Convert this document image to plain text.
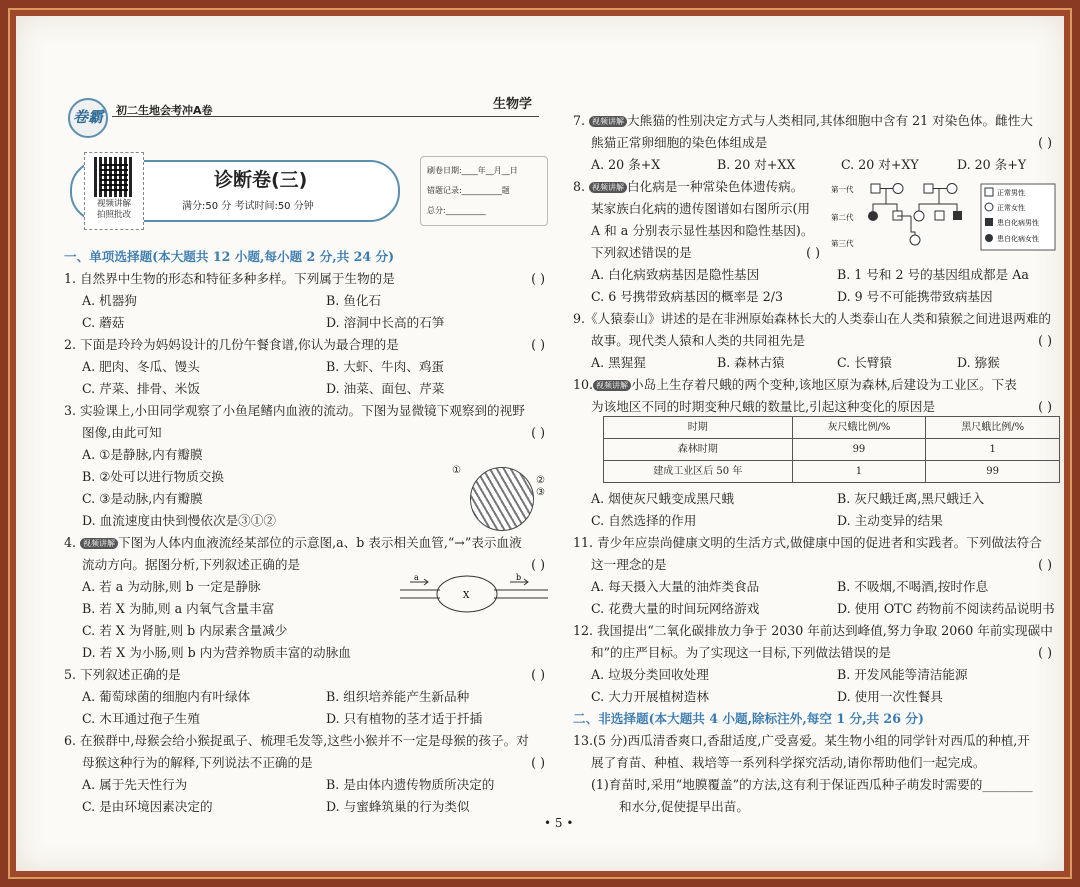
卷霸	初二生地会考冲A卷
视频讲解
拍照批改
诊断卷(三)
满分:50 分 考试时间:50 分钟
刷卷日期:____年__月__日
错题记录:__________题
总分:__________
一、单项选择题(本大题共 12 小题,每小题 2 分,共 24 分)
1. 自然界中生物的形态和特征多种多样。下列属于生物的是	( )
A. 机器狗	B. 鱼化石
C. 蘑菇	D. 溶洞中长高的石笋
2. 下面是玲玲为妈妈设计的几份午餐食谱,你认为最合理的是	( )
A. 肥肉、冬瓜、馒头	B. 大虾、牛肉、鸡蛋
C. 芹菜、排骨、米饭	D. 油菜、面包、芹菜
3. 实验课上,小田同学观察了小鱼尾鳍内血液的流动。下图为显微镜下观察到的视野
图像,由此可知	( )
A. ①是静脉,内有瓣膜
B. ②处可以进行物质交换
C. ③是动脉,内有瓣膜
D. 血流速度由快到慢依次是③①②
①
②
③
4. 视频讲解 下图为人体内血液流经某部位的示意图,a、b 表示相关血管,“→”表示血液
流动方向。据图分析,下列叙述正确的是	( )
A. 若 a 为动脉,则 b 一定是静脉
B. 若 X 为肺,则 a 内氧气含量丰富
C. 若 X 为肾脏,则 b 内尿素含量减少
D. 若 X 为小肠,则 b 内为营养物质丰富的动脉血
a	b
X
5. 下列叙述正确的是	( )
A. 葡萄球菌的细胞内有叶绿体	B. 组织培养能产生新品种
C. 木耳通过孢子生殖	D. 只有植物的茎才适于扦插
6. 在猴群中,母猴会给小猴捉虱子、梳理毛发等,这些小猴并不一定是母猴的孩子。对
母猴这种行为的解释,下列说法不正确的是	( )
A. 属于先天性行为	B. 是由体内遗传物质所决定的
C. 是由环境因素决定的	D. 与蜜蜂筑巢的行为类似
生物学
7. 视频讲解 大熊猫的性别决定方式与人类相同,其体细胞中含有 21 对染色体。雌性大
熊猫正常卵细胞的染色体组成是	( )
A. 20 条+X	B. 20 对+XX	C. 20 对+XY	D. 20 条+Y
8. 视频讲解 白化病是一种常染色体遗传病。
某家族白化病的遗传图谱如右图所示(用
A 和 a 分别表示显性基因和隐性基因)。
下列叙述错误的是	( )
第一代
第二代
第三代
正常男性
正常女性
患白化病男性
患白化病女性
A. 白化病致病基因是隐性基因	B. 1 号和 2 号的基因组成都是 Aa
C. 6 号携带致病基因的概率是 2/3	D. 9 号不可能携带致病基因
9.《人猿泰山》讲述的是在非洲原始森林长大的人类泰山在人类和猿猴之间进退两难的
故事。现代类人猿和人类的共同祖先是	( )
A. 黑猩猩	B. 森林古猿	C. 长臂猿	D. 猕猴
10. 视频讲解 小岛上生存着尺蛾的两个变种,该地区原为森林,后建设为工业区。下表
为该地区不同的时期变种尺蛾的数量比,引起这种变化的原因是	( )
时期	灰尺蛾比例/%	黑尺蛾比例/%
森林时期	99	1
建成工业区后 50 年	1	99
A. 烟使灰尺蛾变成黑尺蛾	B. 灰尺蛾迁离,黑尺蛾迁入
C. 自然选择的作用	D. 主动变异的结果
11. 青少年应崇尚健康文明的生活方式,做健康中国的促进者和实践者。下列做法符合
这一理念的是	( )
A. 每天摄入大量的油炸类食品	B. 不吸烟,不喝酒,按时作息
C. 花费大量的时间玩网络游戏	D. 使用 OTC 药物前不阅读药品说明书
12. 我国提出“二氧化碳排放力争于 2030 年前达到峰值,努力争取 2060 年前实现碳中
和”的庄严目标。为了实现这一目标,下列做法错误的是	( )
A. 垃圾分类回收处理	B. 开发风能等清洁能源
C. 大力开展植树造林	D. 使用一次性餐具
二、非选择题(本大题共 4 小题,除标注外,每空 1 分,共 26 分)
13.(5 分)西瓜清香爽口,香甜适度,广受喜爱。某生物小组的同学针对西瓜的种植,开
展了育苗、种植、栽培等一系列科学探究活动,请你帮助他们一起完成。
(1)育苗时,采用“地膜覆盖”的方法,这有利于保证西瓜种子萌发时需要的________
和水分,促使提早出苗。
• 5 •
